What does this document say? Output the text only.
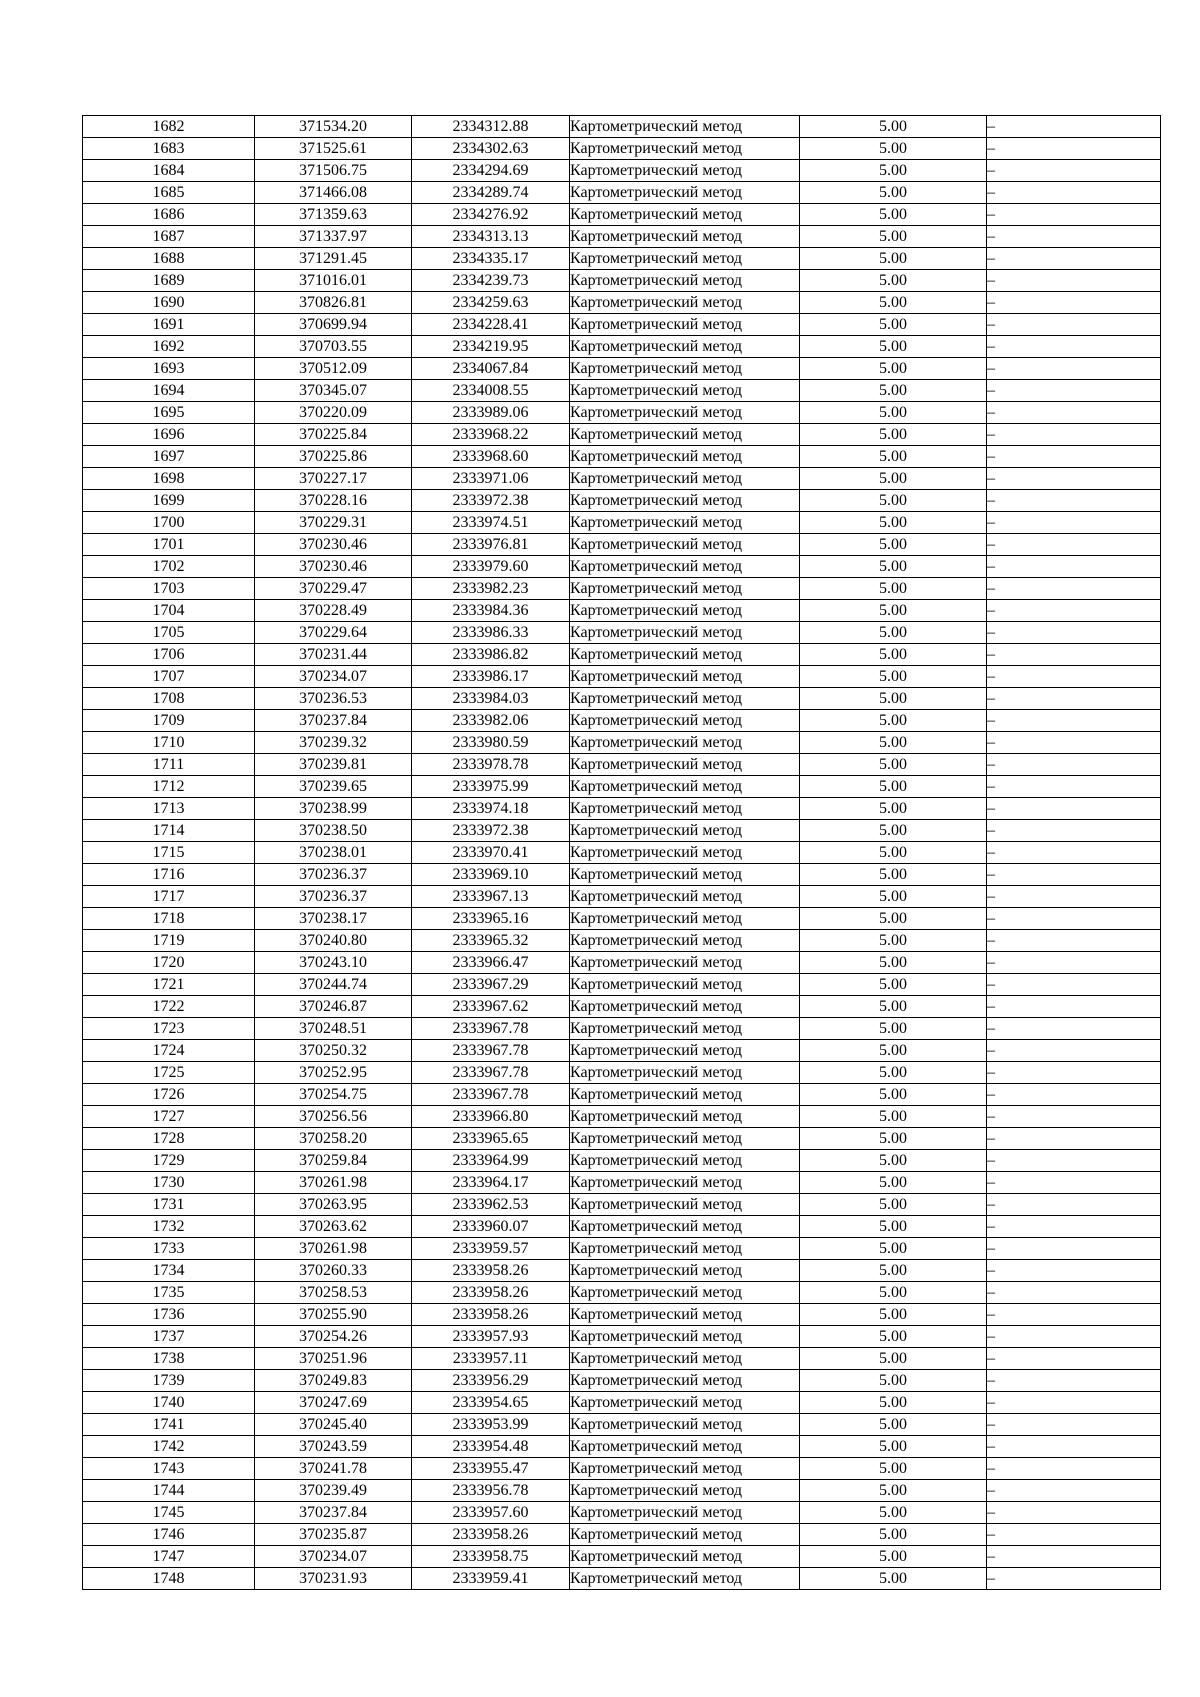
1682	371534.20	2334312.88	Картометрический метод	5.00	–
1683	371525.61	2334302.63	Картометрический метод	5.00	–
1684	371506.75	2334294.69	Картометрический метод	5.00	–
1685	371466.08	2334289.74	Картометрический метод	5.00	–
1686	371359.63	2334276.92	Картометрический метод	5.00	–
1687	371337.97	2334313.13	Картометрический метод	5.00	–
1688	371291.45	2334335.17	Картометрический метод	5.00	–
1689	371016.01	2334239.73	Картометрический метод	5.00	–
1690	370826.81	2334259.63	Картометрический метод	5.00	–
1691	370699.94	2334228.41	Картометрический метод	5.00	–
1692	370703.55	2334219.95	Картометрический метод	5.00	–
1693	370512.09	2334067.84	Картометрический метод	5.00	–
1694	370345.07	2334008.55	Картометрический метод	5.00	–
1695	370220.09	2333989.06	Картометрический метод	5.00	–
1696	370225.84	2333968.22	Картометрический метод	5.00	–
1697	370225.86	2333968.60	Картометрический метод	5.00	–
1698	370227.17	2333971.06	Картометрический метод	5.00	–
1699	370228.16	2333972.38	Картометрический метод	5.00	–
1700	370229.31	2333974.51	Картометрический метод	5.00	–
1701	370230.46	2333976.81	Картометрический метод	5.00	–
1702	370230.46	2333979.60	Картометрический метод	5.00	–
1703	370229.47	2333982.23	Картометрический метод	5.00	–
1704	370228.49	2333984.36	Картометрический метод	5.00	–
1705	370229.64	2333986.33	Картометрический метод	5.00	–
1706	370231.44	2333986.82	Картометрический метод	5.00	–
1707	370234.07	2333986.17	Картометрический метод	5.00	–
1708	370236.53	2333984.03	Картометрический метод	5.00	–
1709	370237.84	2333982.06	Картометрический метод	5.00	–
1710	370239.32	2333980.59	Картометрический метод	5.00	–
1711	370239.81	2333978.78	Картометрический метод	5.00	–
1712	370239.65	2333975.99	Картометрический метод	5.00	–
1713	370238.99	2333974.18	Картометрический метод	5.00	–
1714	370238.50	2333972.38	Картометрический метод	5.00	–
1715	370238.01	2333970.41	Картометрический метод	5.00	–
1716	370236.37	2333969.10	Картометрический метод	5.00	–
1717	370236.37	2333967.13	Картометрический метод	5.00	–
1718	370238.17	2333965.16	Картометрический метод	5.00	–
1719	370240.80	2333965.32	Картометрический метод	5.00	–
1720	370243.10	2333966.47	Картометрический метод	5.00	–
1721	370244.74	2333967.29	Картометрический метод	5.00	–
1722	370246.87	2333967.62	Картометрический метод	5.00	–
1723	370248.51	2333967.78	Картометрический метод	5.00	–
1724	370250.32	2333967.78	Картометрический метод	5.00	–
1725	370252.95	2333967.78	Картометрический метод	5.00	–
1726	370254.75	2333967.78	Картометрический метод	5.00	–
1727	370256.56	2333966.80	Картометрический метод	5.00	–
1728	370258.20	2333965.65	Картометрический метод	5.00	–
1729	370259.84	2333964.99	Картометрический метод	5.00	–
1730	370261.98	2333964.17	Картометрический метод	5.00	–
1731	370263.95	2333962.53	Картометрический метод	5.00	–
1732	370263.62	2333960.07	Картометрический метод	5.00	–
1733	370261.98	2333959.57	Картометрический метод	5.00	–
1734	370260.33	2333958.26	Картометрический метод	5.00	–
1735	370258.53	2333958.26	Картометрический метод	5.00	–
1736	370255.90	2333958.26	Картометрический метод	5.00	–
1737	370254.26	2333957.93	Картометрический метод	5.00	–
1738	370251.96	2333957.11	Картометрический метод	5.00	–
1739	370249.83	2333956.29	Картометрический метод	5.00	–
1740	370247.69	2333954.65	Картометрический метод	5.00	–
1741	370245.40	2333953.99	Картометрический метод	5.00	–
1742	370243.59	2333954.48	Картометрический метод	5.00	–
1743	370241.78	2333955.47	Картометрический метод	5.00	–
1744	370239.49	2333956.78	Картометрический метод	5.00	–
1745	370237.84	2333957.60	Картометрический метод	5.00	–
1746	370235.87	2333958.26	Картометрический метод	5.00	–
1747	370234.07	2333958.75	Картометрический метод	5.00	–
1748	370231.93	2333959.41	Картометрический метод	5.00	–
